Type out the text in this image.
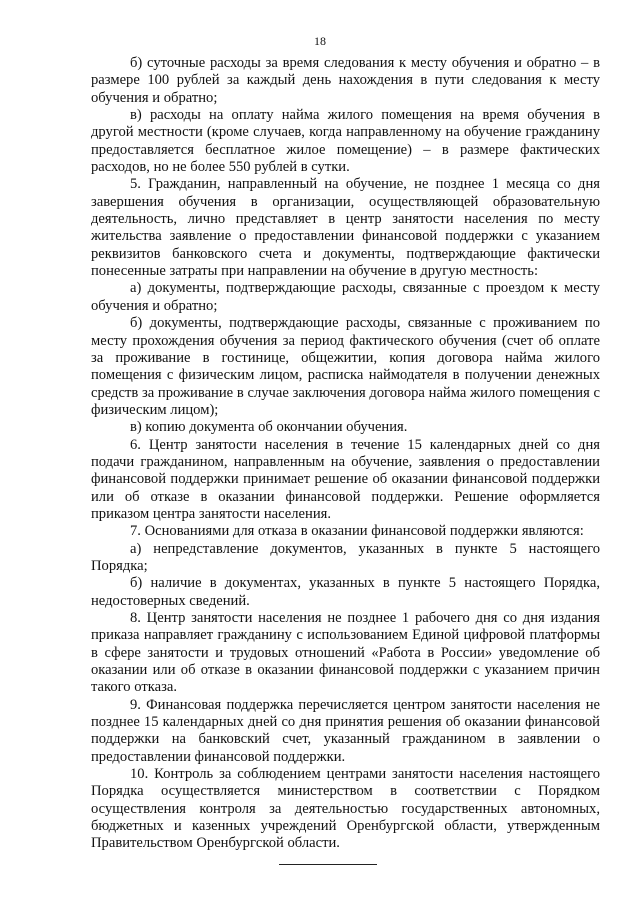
18

б) суточные расходы за время следования к месту обучения и обратно – в размере 100 рублей за каждый день нахождения в пути следования к месту обучения и обратно;

в) расходы на оплату найма жилого помещения на время обучения в другой местности (кроме случаев, когда направленному на обучение гражданину предоставляется бесплатное жилое помещение) – в размере фактических расходов, но не более 550 рублей в сутки.

5. Гражданин, направленный на обучение, не позднее 1 месяца со дня завершения обучения в организации, осуществляющей образовательную деятельность, лично представляет в центр занятости населения по месту жительства заявление о предоставлении финансовой поддержки с указанием реквизитов банковского счета и документы, подтверждающие фактически понесенные затраты при направлении на обучение в другую местность:

а) документы, подтверждающие расходы, связанные с проездом к месту обучения и обратно;

б) документы, подтверждающие расходы, связанные с проживанием по месту прохождения обучения за период фактического обучения (счет об оплате за проживание в гостинице, общежитии, копия договора найма жилого помещения с физическим лицом, расписка наймодателя в получении денежных средств за проживание в случае заключения договора найма жилого помещения с физическим лицом);

в) копию документа об окончании обучения.

6. Центр занятости населения в течение 15 календарных дней со дня подачи гражданином, направленным на обучение, заявления о предоставлении финансовой поддержки принимает решение об оказании финансовой поддержки или об отказе в оказании финансовой поддержки. Решение оформляется приказом центра занятости населения.

7. Основаниями для отказа в оказании финансовой поддержки являются:

а) непредставление документов, указанных в пункте 5 настоящего Порядка;

б) наличие в документах, указанных в пункте 5 настоящего Порядка, недостоверных сведений.

8. Центр занятости населения не позднее 1 рабочего дня со дня издания приказа направляет гражданину с использованием Единой цифровой платформы в сфере занятости и трудовых отношений «Работа в России» уведомление об оказании или об отказе в оказании финансовой поддержки с указанием причин такого отказа.

9. Финансовая поддержка перечисляется центром занятости населения не позднее 15 календарных дней со дня принятия решения об оказании финансовой поддержки на банковский счет, указанный гражданином в заявлении о предоставлении финансовой поддержки.

10. Контроль за соблюдением центрами занятости населения настоящего Порядка осуществляется министерством в соответствии с Порядком осуществления контроля за деятельностью государственных автономных, бюджетных и казенных учреждений Оренбургской области, утвержденным Правительством Оренбургской области.
